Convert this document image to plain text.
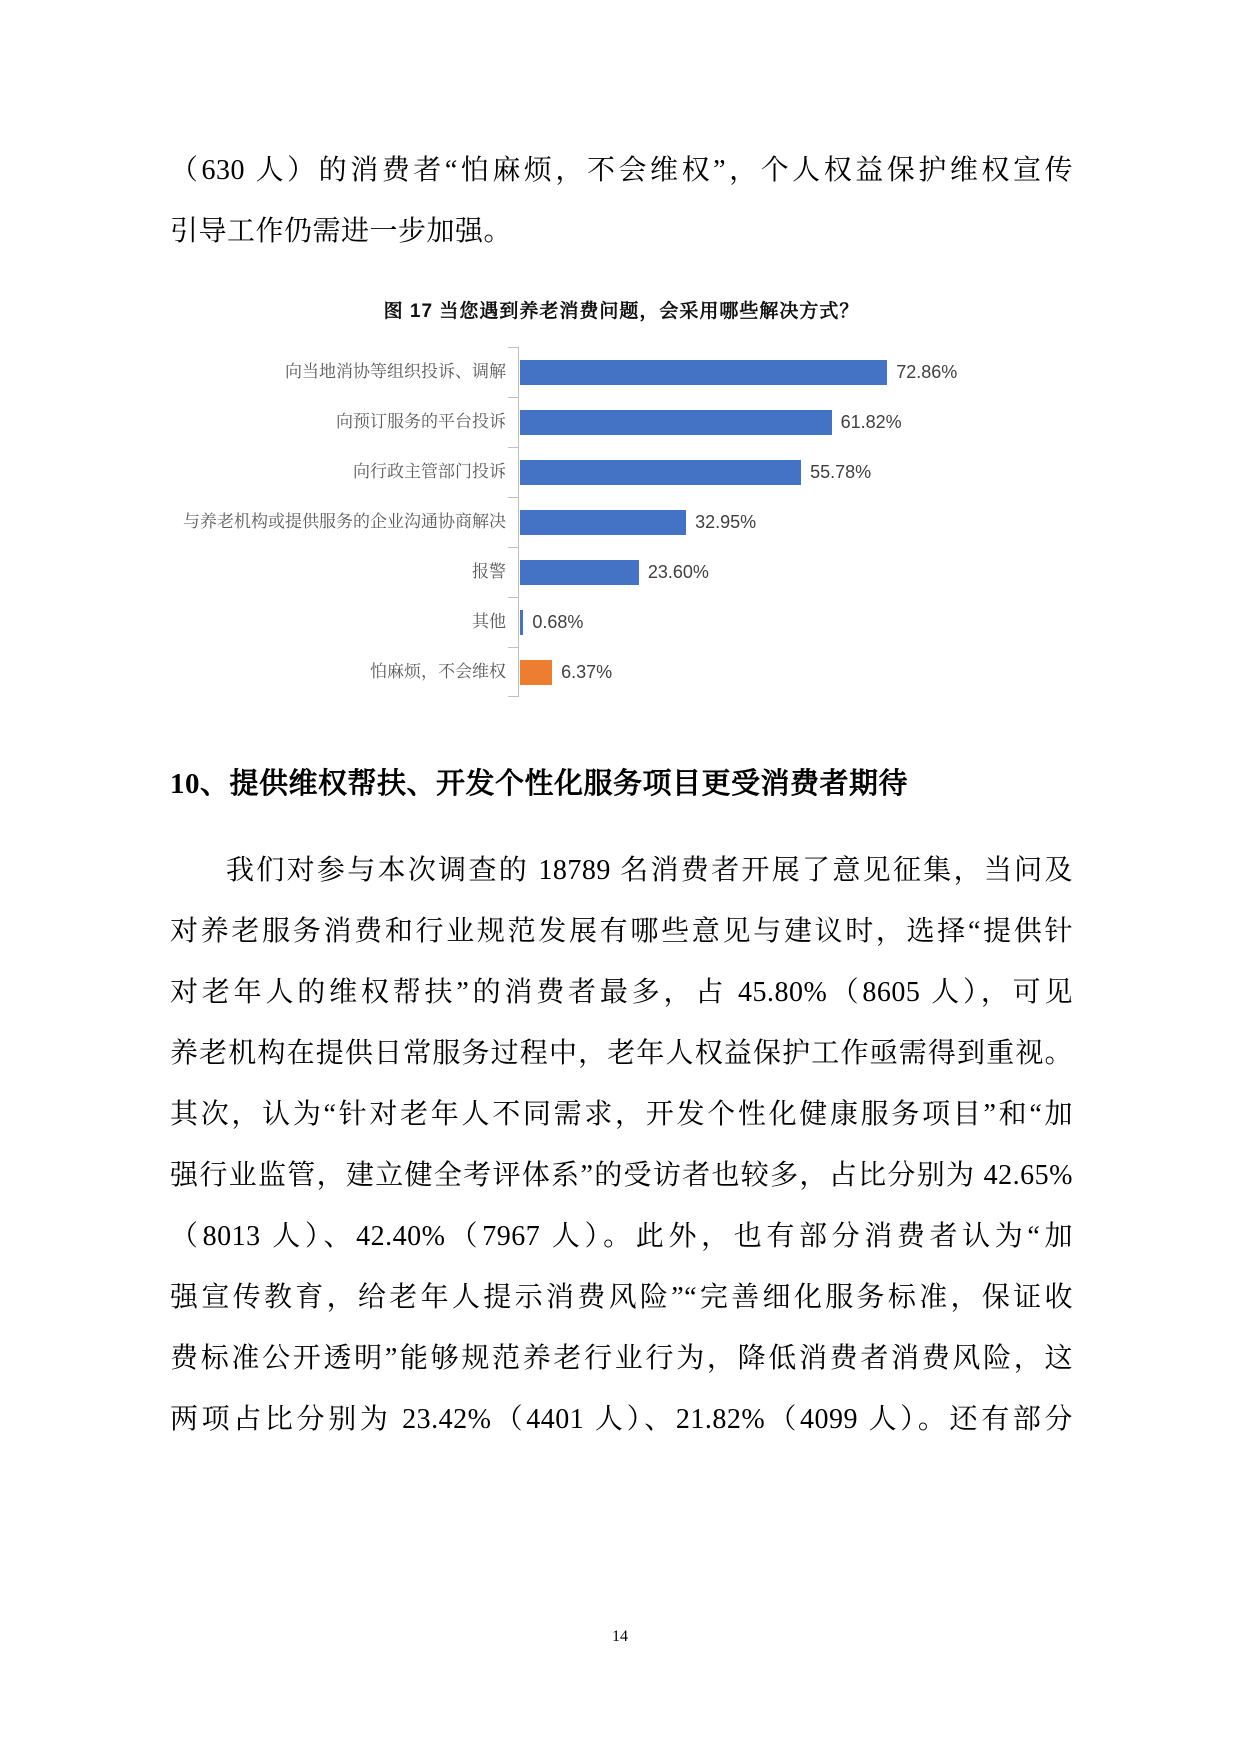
（630 人）的消费者“怕麻烦，不会维权”，个人权益保护维权宣传
引导工作仍需进一步加强。
图 17 当您遇到养老消费问题，会采用哪些解决方式？
向当地消协等组织投诉、调解	72.86%
向预订服务的平台投诉	61.82%
向行政主管部门投诉	55.78%
与养老机构或提供服务的企业沟通协商解决	32.95%
报警	23.60%
其他	0.68%
怕麻烦，不会维权	6.37%
10、提供维权帮扶、开发个性化服务项目更受消费者期待
我们对参与本次调查的 18789 名消费者开展了意见征集，当问及
对养老服务消费和行业规范发展有哪些意见与建议时，选择“提供针
对老年人的维权帮扶”的消费者最多，占 45.80%（8605 人），可见
养老机构在提供日常服务过程中，老年人权益保护工作亟需得到重视。
其次，认为“针对老年人不同需求，开发个性化健康服务项目”和“加
强行业监管，建立健全考评体系”的受访者也较多，占比分别为 42.65%
（8013 人）、42.40%（7967 人）。此外，也有部分消费者认为“加
强宣传教育，给老年人提示消费风险”“完善细化服务标准，保证收
费标准公开透明”能够规范养老行业行为，降低消费者消费风险，这
两项占比分别为 23.42%（4401 人）、21.82%（4099 人）。还有部分
14
